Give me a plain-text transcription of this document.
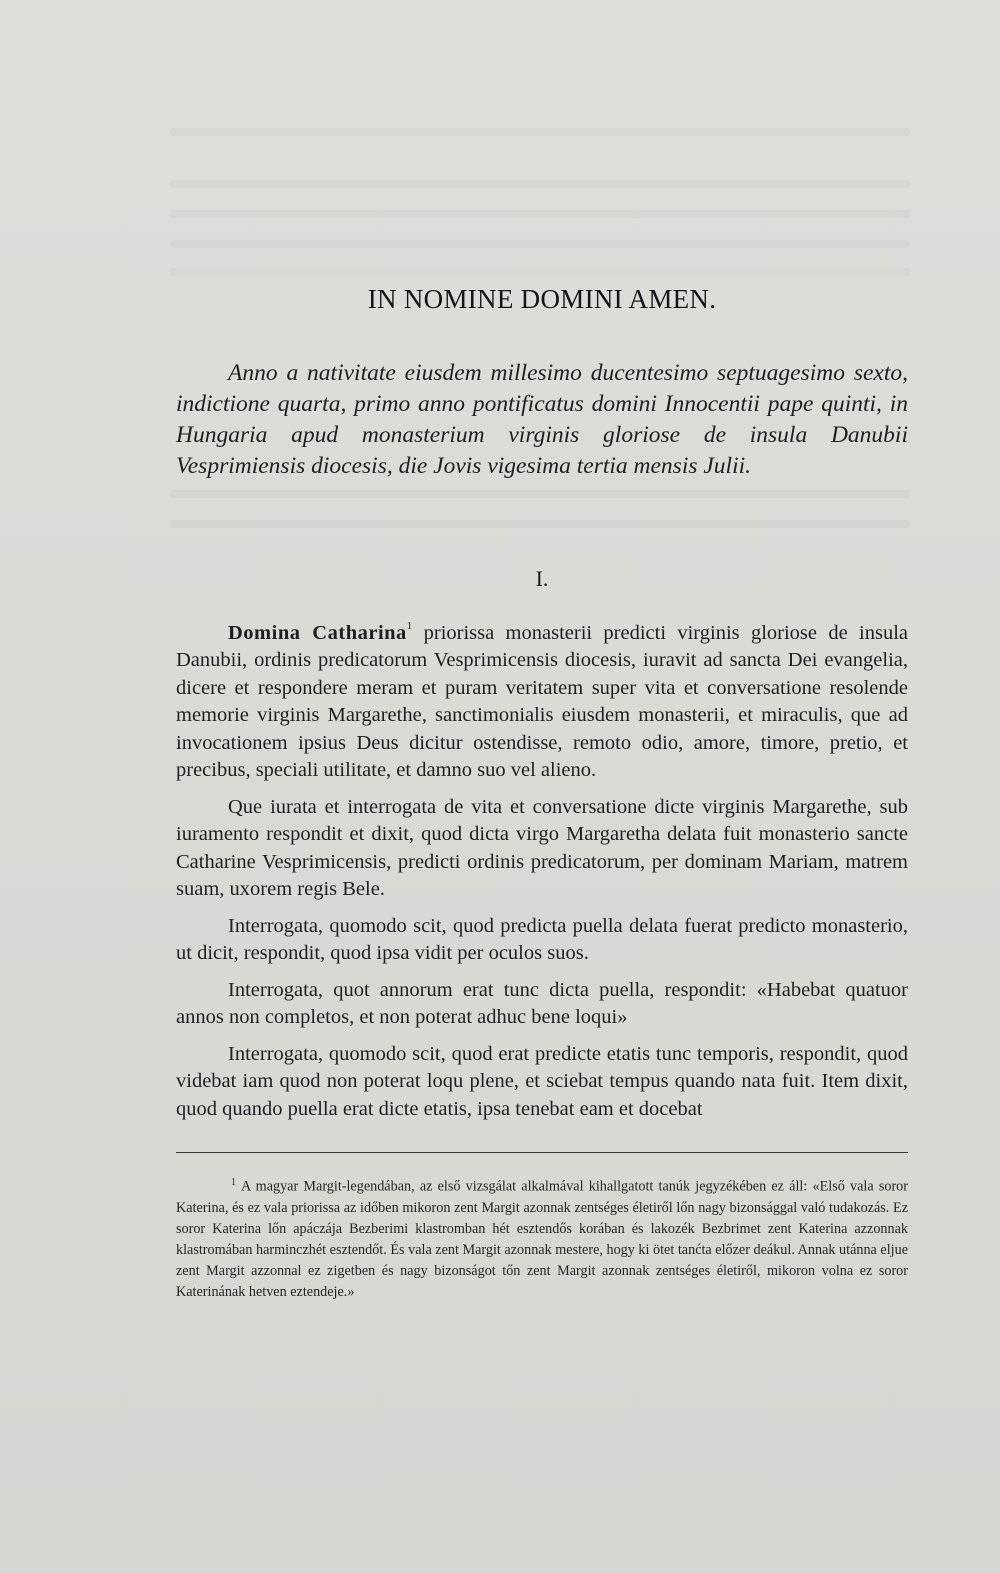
IN NOMINE DOMINI AMEN.
Anno a nativitate eiusdem millesimo ducentesimo septuagesimo sexto, indictione quarta, primo anno pontificatus domini Innocentii pape quinti, in Hungaria apud monasterium virginis gloriose de insula Danubii Vesprimiensis diocesis, die Jovis vigesima tertia mensis Julii.
I.

Domina Catharina$^1$ priorissa monasterii predicti virginis gloriose de insula Danubii, ordinis predicatorum Vesprimicensis diocesis, iuravit ad sancta Dei evangelia, dicere et respondere meram et puram veritatem super vita et conversatione resolende memorie virginis Margarethe, sanctimonialis eiusdem monasterii, et miraculis, que ad invocationem ipsius Deus dicitur ostendisse, remoto odio, amore, timore, pretio, et precibus, speciali utilitate, et damno suo vel alieno.

Que iurata et interrogata de vita et conversatione dicte virginis Margarethe, sub iuramento respondit et dixit, quod dicta virgo Margaretha delata fuit monasterio sancte Catharine Vesprimicensis, predicti ordinis predicatorum, per dominam Mariam, matrem suam, uxorem regis Bele.

Interrogata, quomodo scit, quod predicta puella delata fuerat predicto monasterio, ut dicit, respondit, quod ipsa vidit per oculos suos.

Interrogata, quot annorum erat tunc dicta puella, respondit: «Habebat quatuor annos non completos, et non poterat adhuc bene loqui»

Interrogata, quomodo scit, quod erat predicte etatis tunc temporis, respondit, quod videbat iam quod non poterat loqu plene, et sciebat tempus quando nata fuit. Item dixit, quod quando puella erat dicte etatis, ipsa tenebat eam et docebat

$^1$ A magyar Margit-legendában, az első vizsgálat alkalmával kihallgatott tanúk jegyzékében ez áll: «Első vala soror Katerina, és ez vala priorissa az időben mikoron zent Margit azonnak zentséges életiről lőn nagy bizonsággal való tudakozás. Ez soror Katerina lőn apáczája Bezberimi klastromban hét esztendős korában és lakozék Bezbrimet zent Katerina azzonnak klastromában harminczhét esztendőt. És vala zent Margit azonnak mestere, hogy ki ötet tanćta előzer deákul. Annak utánna eljue zent Margit azzonnal ez zigetben és nagy bizonságot tőn zent Margit azonnak zentséges életiről, mikoron volna ez soror Katerinának hetven eztendeje.»
